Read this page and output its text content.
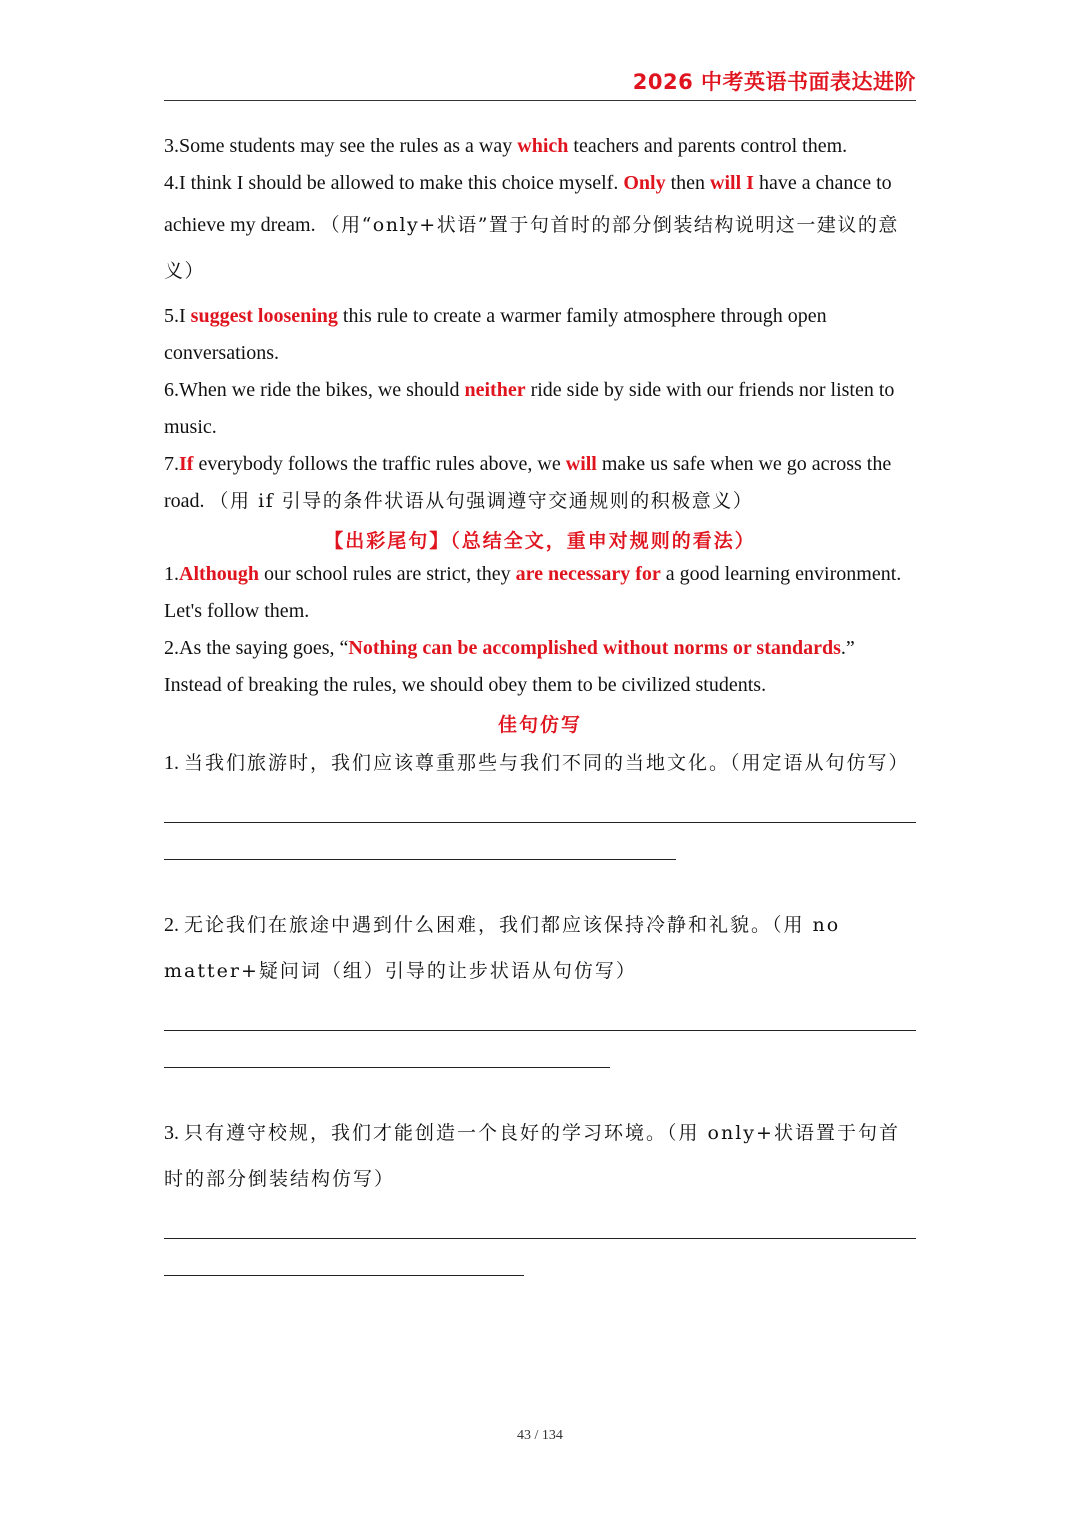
2026 中考英语书面表达进阶

3.Some students may see the rules as a way which teachers and parents control them.

4.I think I should be allowed to make this choice myself. Only then will I have a chance to achieve my dream. （用“only+状语”置于句首时的部分倒装结构说明这一建议的意义）

5.I suggest loosening this rule to create a warmer family atmosphere through open conversations.

6.When we ride the bikes, we should neither ride side by side with our friends nor listen to music.

7.If everybody follows the traffic rules above, we will make us safe when we go across the road. （用 if 引导的条件状语从句强调遵守交通规则的积极意义）

【出彩尾句】（总结全文，重申对规则的看法）

1.Although our school rules are strict, they are necessary for a good learning environment. Let's follow them.

2.As the saying goes, “Nothing can be accomplished without norms or standards.” Instead of breaking the rules, we should obey them to be civilized students.

佳句仿写

1. 当我们旅游时，我们应该尊重那些与我们不同的当地文化。（用定语从句仿写）

2. 无论我们在旅途中遇到什么困难，我们都应该保持冷静和礼貌。（用 no matter+疑问词（组）引导的让步状语从句仿写）

3. 只有遵守校规，我们才能创造一个良好的学习环境。（用 only+状语置于句首时的部分倒装结构仿写）

43 / 134
